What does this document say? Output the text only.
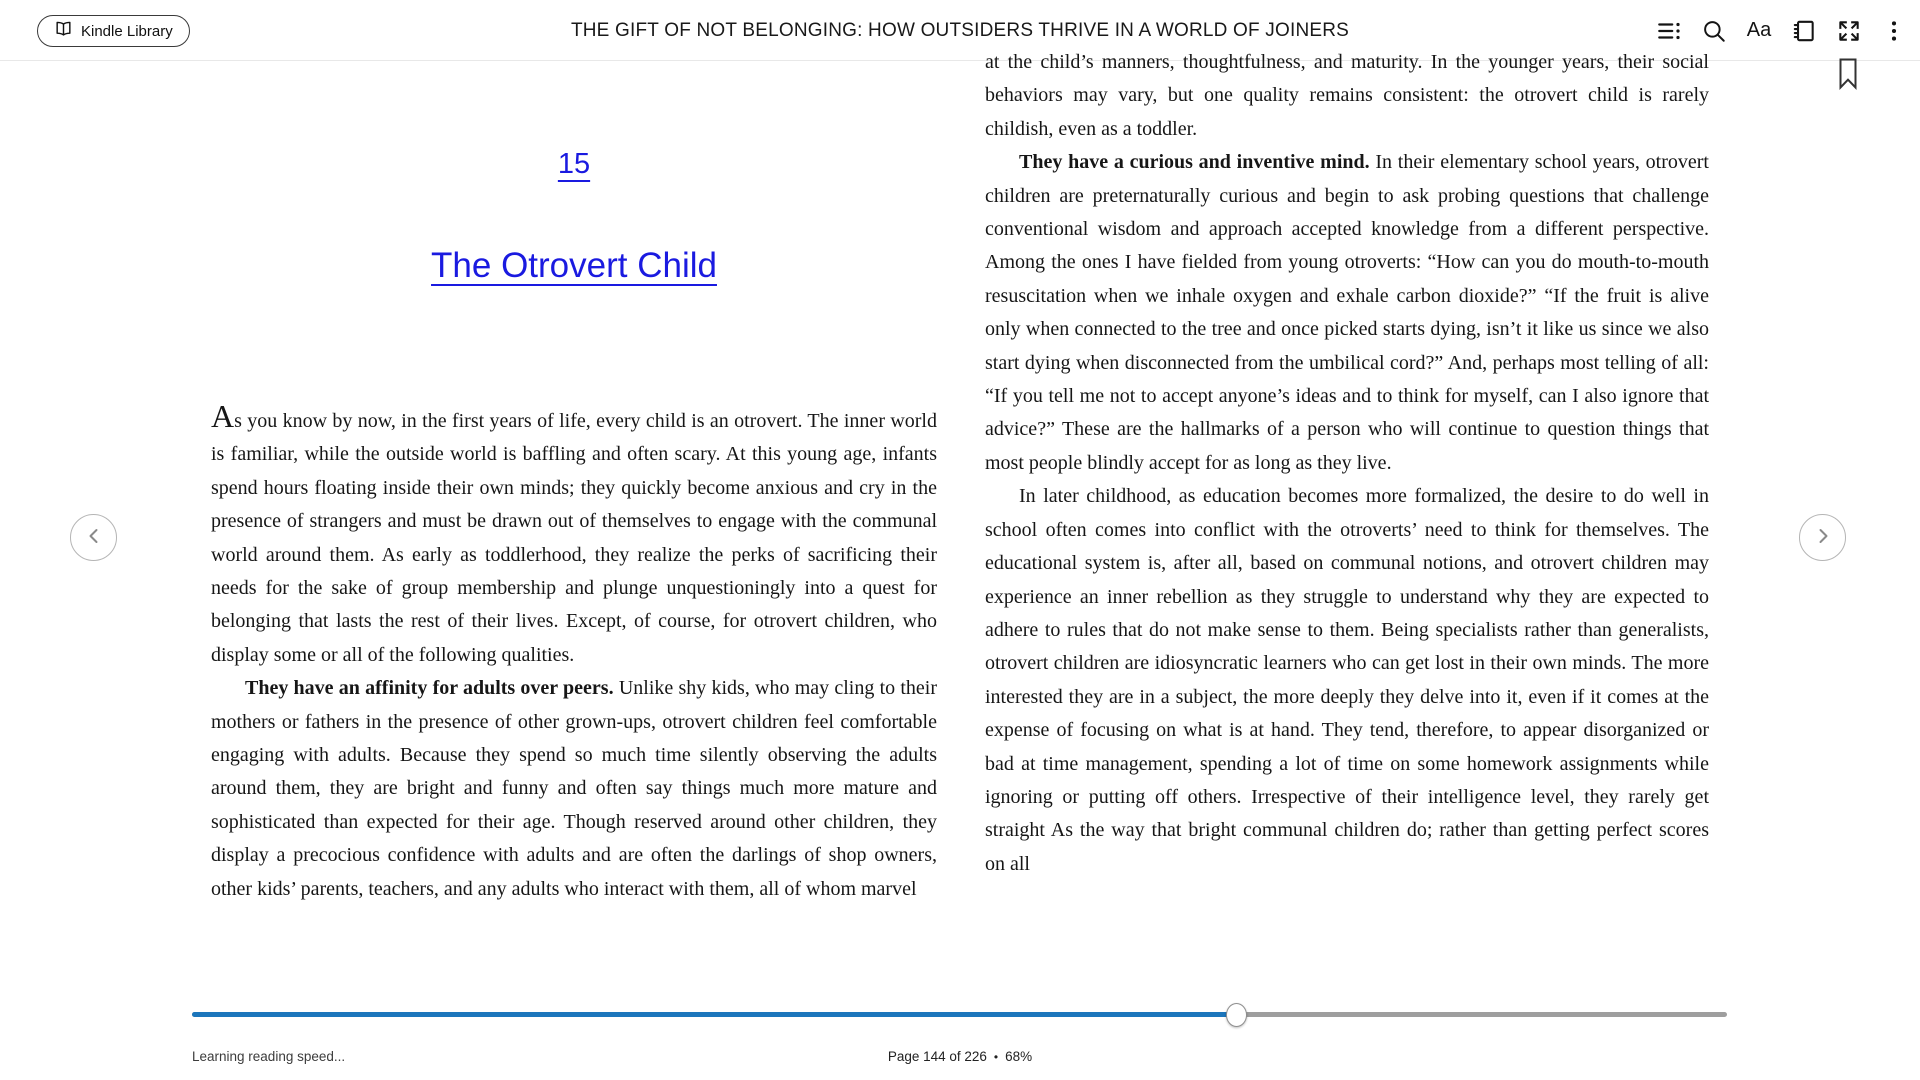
Kindle Library	THE GIFT OF NOT BELONGING: HOW OUTSIDERS THRIVE IN A WORLD OF JOINERS	Aa
15
The Otrovert Child

As you know by now, in the first years of life, every child is an otrovert. The inner world is familiar, while the outside world is baffling and often scary. At this young age, infants spend hours floating inside their own minds; they quickly become anxious and cry in the presence of strangers and must be drawn out of themselves to engage with the communal world around them. As early as toddlerhood, they realize the perks of sacrificing their needs for the sake of group membership and plunge unquestioningly into a quest for belonging that lasts the rest of their lives. Except, of course, for otrovert children, who display some or all of the following qualities.

They have an affinity for adults over peers. Unlike shy kids, who may cling to their mothers or fathers in the presence of other grown-ups, otrovert children feel comfortable engaging with adults. Because they spend so much time silently observing the adults around them, they are bright and funny and often say things much more mature and sophisticated than expected for their age. Though reserved around other children, they display a precocious confidence with adults and are often the darlings of shop owners, other kids’ parents, teachers, and any adults who interact with them, all of whom marvel

at the child’s manners, thoughtfulness, and maturity. In the younger years, their social behaviors may vary, but one quality remains consistent: the otrovert child is rarely childish, even as a toddler.

They have a curious and inventive mind. In their elementary school years, otrovert children are preternaturally curious and begin to ask probing questions that challenge conventional wisdom and approach accepted knowledge from a different perspective. Among the ones I have fielded from young otroverts: “How can you do mouth-to-mouth resuscitation when we inhale oxygen and exhale carbon dioxide?” “If the fruit is alive only when connected to the tree and once picked starts dying, isn’t it like us since we also start dying when disconnected from the umbilical cord?” And, perhaps most telling of all: “If you tell me not to accept anyone’s ideas and to think for myself, can I also ignore that advice?” These are the hallmarks of a person who will continue to question things that most people blindly accept for as long as they live.

In later childhood, as education becomes more formalized, the desire to do well in school often comes into conflict with the otroverts’ need to think for themselves. The educational system is, after all, based on communal notions, and otrovert children may experience an inner rebellion as they struggle to understand why they are expected to adhere to rules that do not make sense to them. Being specialists rather than generalists, otrovert children are idiosyncratic learners who can get lost in their own minds. The more interested they are in a subject, the more deeply they delve into it, even if it comes at the expense of focusing on what is at hand. They tend, therefore, to appear disorganized or bad at time management, spending a lot of time on some homework assignments while ignoring or putting off others. Irrespective of their intelligence level, they rarely get straight As the way that bright communal children do; rather than getting perfect scores on all

Learning reading speed...	Page 144 of 226 • 68%
